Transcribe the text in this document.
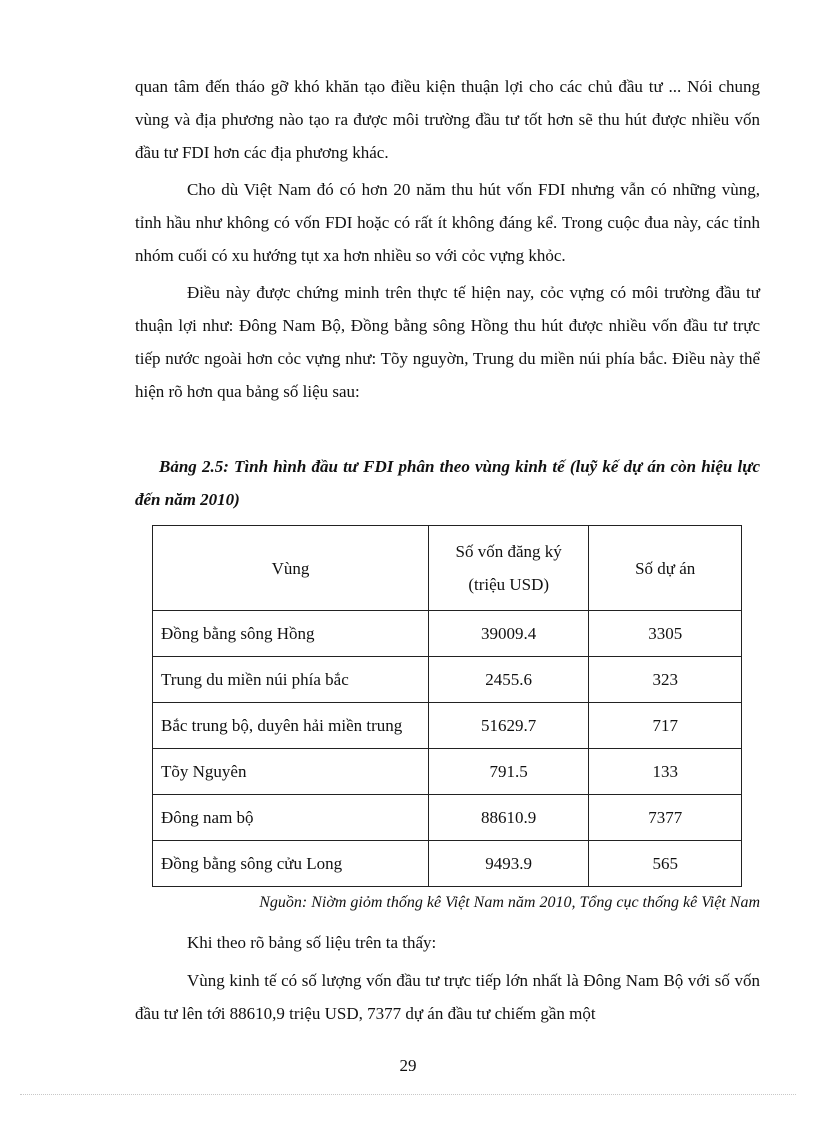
quan tâm đến tháo gỡ khó khăn tạo điều kiện thuận lợi cho các chủ đầu tư ... Nói chung vùng và địa phương nào tạo ra được môi trường đầu tư tốt hơn sẽ thu hút được nhiều vốn đầu tư FDI hơn các địa phương khác.

Cho dù Việt Nam đó có hơn 20 năm thu hút vốn FDI nhưng vẫn có những vùng, tỉnh hầu như không có vốn FDI hoặc có rất ít không đáng kể. Trong cuộc đua này, các tỉnh nhóm cuối có xu hướng tụt xa hơn nhiều so với cỏc vựng khỏc.

Điều này được chứng minh trên thực tế hiện nay, cỏc vựng có môi trường đầu tư thuận lợi như: Đông Nam Bộ, Đồng bằng sông Hồng thu hút được nhiều vốn đầu tư trực tiếp nước ngoài hơn cỏc vựng như: Tõy nguyờn, Trung du miền núi phía bắc. Điều này thể hiện rõ hơn qua bảng số liệu sau:

Bảng 2.5: Tình hình đầu tư FDI phân theo vùng kinh tế (luỹ kế dự án còn hiệu lực đến năm 2010)

Vùng	Số vốn đăng ký (triệu USD)	Số dự án
Đồng bằng sông Hồng	39009.4	3305
Trung du miền núi phía bắc	2455.6	323
Bắc trung bộ, duyên hải miền trung	51629.7	717
Tõy Nguyên	791.5	133
Đông nam bộ	88610.9	7377
Đồng bằng sông cửu Long	9493.9	565

Nguồn: Niờm giỏm thống kê Việt Nam năm 2010, Tổng cục thống kê Việt Nam

Khi theo rõ bảng số liệu trên ta thấy:

Vùng kinh tế có số lượng vốn đầu tư trực tiếp lớn nhất là Đông Nam Bộ với số vốn đầu tư lên tới 88610,9 triệu USD, 7377 dự án đầu tư chiếm gần một

29
